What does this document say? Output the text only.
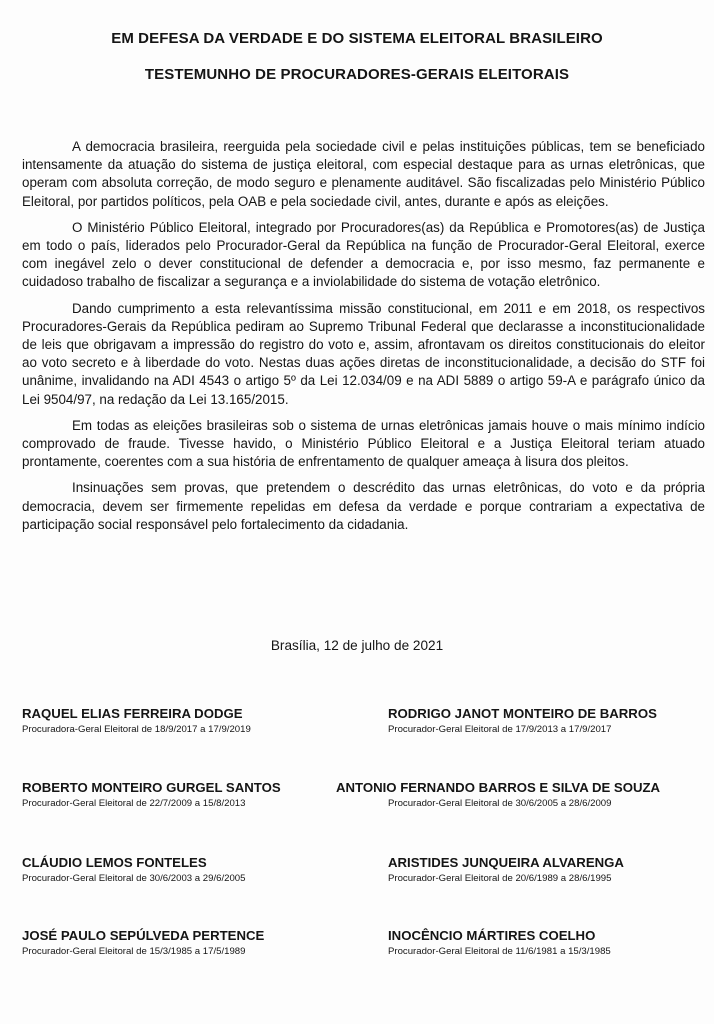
EM DEFESA DA VERDADE E DO SISTEMA ELEITORAL BRASILEIRO
TESTEMUNHO DE PROCURADORES-GERAIS ELEITORAIS

A democracia brasileira, reerguida pela sociedade civil e pelas instituições públicas, tem se beneficiado intensamente da atuação do sistema de justiça eleitoral, com especial destaque para as urnas eletrônicas, que operam com absoluta correção, de modo seguro e plenamente auditável. São fiscalizadas pelo Ministério Público Eleitoral, por partidos políticos, pela OAB e pela sociedade civil, antes, durante e após as eleições.

O Ministério Público Eleitoral, integrado por Procuradores(as) da República e Promotores(as) de Justiça em todo o país, liderados pelo Procurador-Geral da República na função de Procurador-Geral Eleitoral, exerce com inegável zelo o dever constitucional de defender a democracia e, por isso mesmo, faz permanente e cuidadoso trabalho de fiscalizar a segurança e a inviolabilidade do sistema de votação eletrônico.

Dando cumprimento a esta relevantíssima missão constitucional, em 2011 e em 2018, os respectivos Procuradores-Gerais da República pediram ao Supremo Tribunal Federal que declarasse a inconstitucionalidade de leis que obrigavam a impressão do registro do voto e, assim, afrontavam os direitos constitucionais do eleitor ao voto secreto e à liberdade do voto. Nestas duas ações diretas de inconstitucionalidade, a decisão do STF foi unânime, invalidando na ADI 4543 o artigo 5º da Lei 12.034/09 e na ADI 5889 o artigo 59-A e parágrafo único da Lei 9504/97, na redação da Lei 13.165/2015.

Em todas as eleições brasileiras sob o sistema de urnas eletrônicas jamais houve o mais mínimo indício comprovado de fraude. Tivesse havido, o Ministério Público Eleitoral e a Justiça Eleitoral teriam atuado prontamente, coerentes com a sua história de enfrentamento de qualquer ameaça à lisura dos pleitos.

Insinuações sem provas, que pretendem o descrédito das urnas eletrônicas, do voto e da própria democracia, devem ser firmemente repelidas em defesa da verdade e porque contrariam a expectativa de participação social responsável pelo fortalecimento da cidadania.

Brasília, 12 de julho de 2021
RAQUEL ELIAS FERREIRA DODGE
Procuradora-Geral Eleitoral de 18/9/2017 a 17/9/2019
ROBERTO MONTEIRO GURGEL SANTOS
Procurador-Geral Eleitoral de 22/7/2009 a 15/8/2013
CLÁUDIO LEMOS FONTELES
Procurador-Geral Eleitoral de 30/6/2003 a 29/6/2005
JOSÉ PAULO SEPÚLVEDA PERTENCE
Procurador-Geral Eleitoral de 15/3/1985 a 17/5/1989
RODRIGO JANOT MONTEIRO DE BARROS
Procurador-Geral Eleitoral de 17/9/2013 a 17/9/2017
ANTONIO FERNANDO BARROS E SILVA DE SOUZA
Procurador-Geral Eleitoral de 30/6/2005 a 28/6/2009
ARISTIDES JUNQUEIRA ALVARENGA
Procurador-Geral Eleitoral de 20/6/1989 a 28/6/1995
INOCÊNCIO MÁRTIRES COELHO
Procurador-Geral Eleitoral de 11/6/1981 a 15/3/1985
